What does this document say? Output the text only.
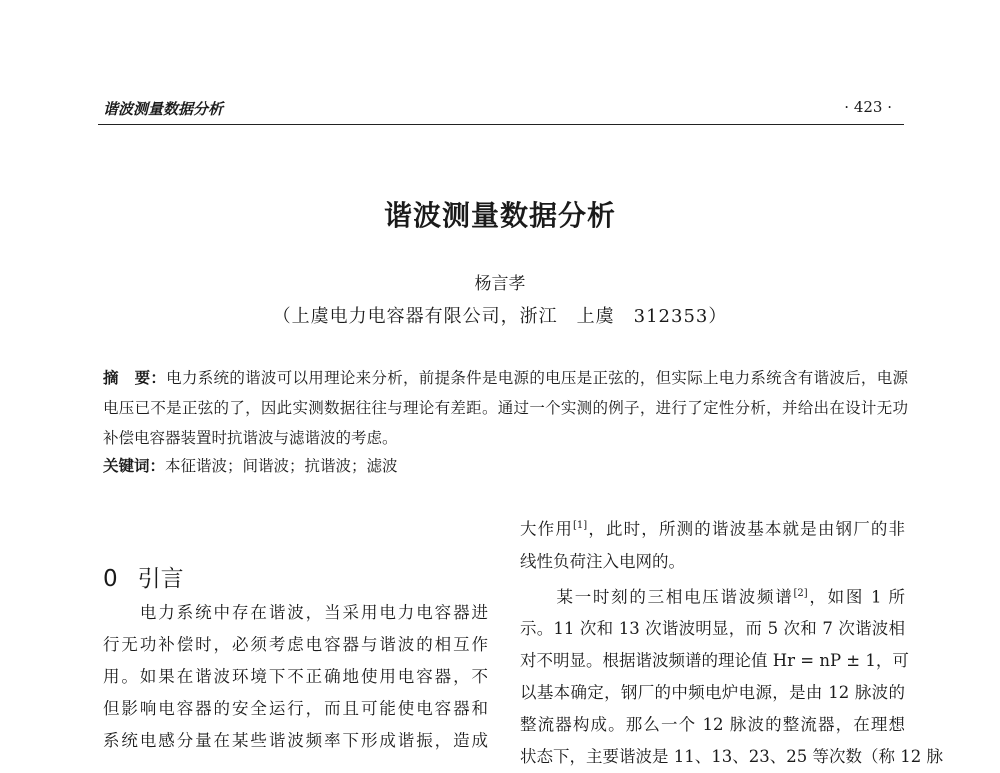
谐波测量数据分析	· 423 ·
谐波测量数据分析
杨言孝
（上虞电力电容器有限公司，浙江　上虞　312353）
摘　要：电力系统的谐波可以用理论来分析，前提条件是电源的电压是正弦的，但实际上电力系统含有谐波后，电源电压已不是正弦的了，因此实测数据往往与理论有差距。通过一个实测的例子，进行了定性分析，并给出在设计无功补偿电容器装置时抗谐波与滤谐波的考虑。
关键词：本征谐波；间谐波；抗谐波；滤波
0 引言
　　电力系统中存在谐波，当采用电力电容器进
行无功补偿时，必须考虑电容器与谐波的相互作
用。如果在谐波环境下不正确地使用电容器，不
但影响电容器的安全运行，而且可能使电容器和
系统电感分量在某些谐波频率下形成谐振，造成
大作用[1]，此时，所测的谐波基本就是由钢厂的非
线性负荷注入电网的。
　　某一时刻的三相电压谐波频谱[2]，如图 1 所
示。11 次和 13 次谐波明显，而 5 次和 7 次谐波相
对不明显。根据谐波频谱的理论值 Hr = nP ± 1，可
以基本确定，钢厂的中频电炉电源，是由 12 脉波的
整流器构成。那么一个 12 脉波的整流器，在理想
状态下，主要谐波是 11、13、23、25 等次数（称 12 脉
